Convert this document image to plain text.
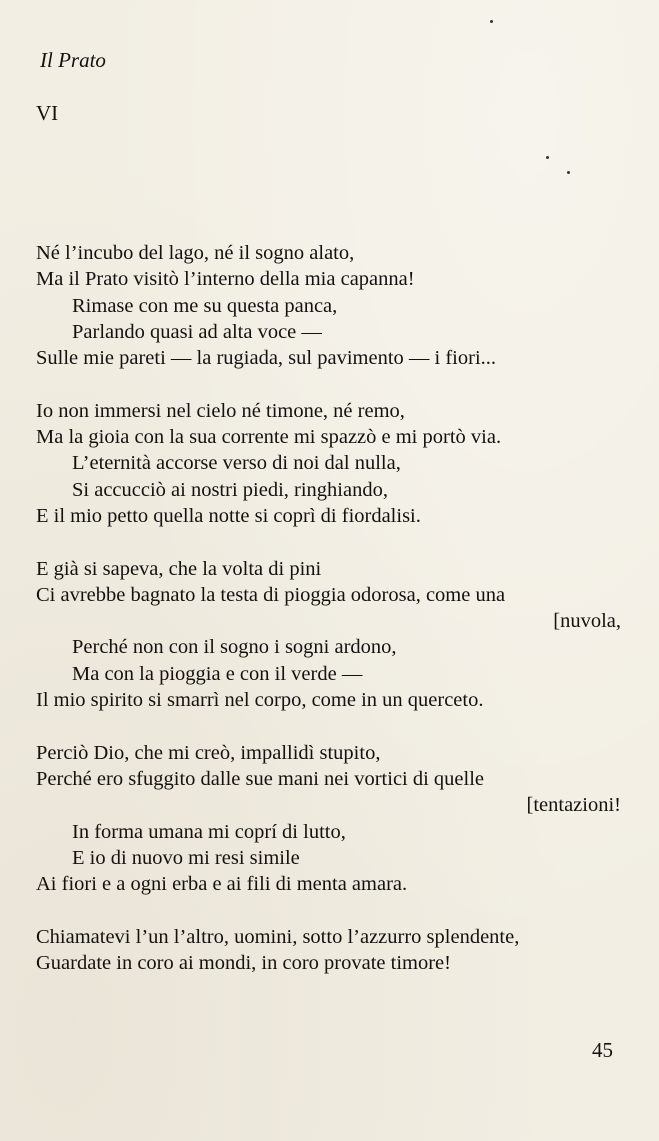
Il Prato
VI
Né l’incubo del lago, né il sogno alato,
Ma il Prato visitò l’interno della mia capanna!
Rimase con me su questa panca,
Parlando quasi ad alta voce —
Sulle mie pareti — la rugiada, sul pavimento — i fiori...
Io non immersi nel cielo né timone, né remo,
Ma la gioia con la sua corrente mi spazzò e mi portò via.
L’eternità accorse verso di noi dal nulla,
Si accucciò ai nostri piedi, ringhiando,
E il mio petto quella notte si coprì di fiordalisi.
E già si sapeva, che la volta di pini
Ci avrebbe bagnato la testa di pioggia odorosa, come una
[nuvola,
Perché non con il sogno i sogni ardono,
Ma con la pioggia e con il verde —
Il mio spirito si smarrì nel corpo, come in un querceto.
Perciò Dio, che mi creò, impallidì stupito,
Perché ero sfuggito dalle sue mani nei vortici di quelle
[tentazioni!
In forma umana mi coprí di lutto,
E io di nuovo mi resi simile
Ai fiori e a ogni erba e ai fili di menta amara.
Chiamatevi l’un l’altro, uomini, sotto l’azzurro splendente,
Guardate in coro ai mondi, in coro provate timore!
45
